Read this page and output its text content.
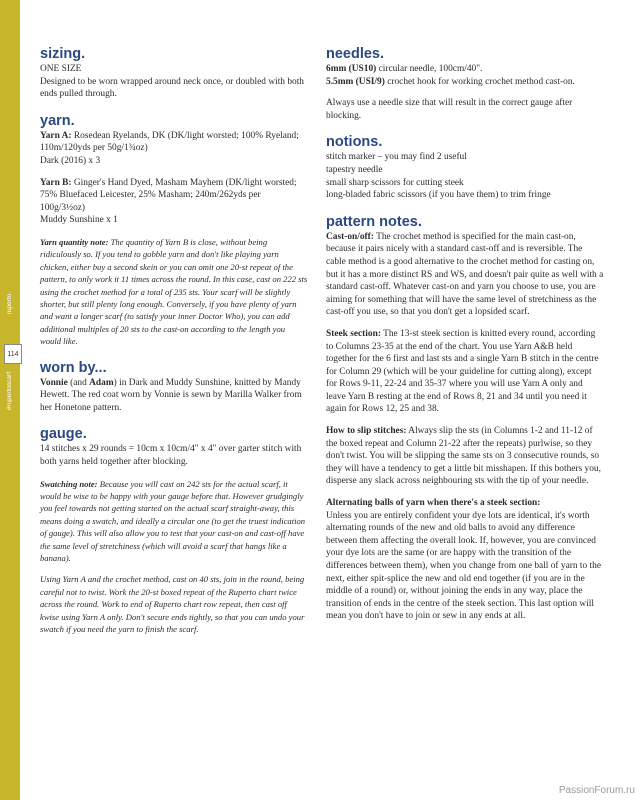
ruperto.
114
#rupertoscarf
sizing.

ONE SIZE

Designed to be worn wrapped around neck once, or doubled with both ends pulled through.

yarn.

Yarn A: Rosedean Ryelands, DK (DK/light worsted; 100% Ryeland; 110m/120yds per 50g/1¾oz)

Dark (2016) x 3

Yarn B: Ginger's Hand Dyed, Masham Mayhem (DK/light worsted; 75% Bluefaced Leicester, 25% Masham; 240m/262yds per 100g/3½oz)

Muddy Sunshine x 1

Yarn quantity note: The quantity of Yarn B is close, without being ridiculously so. If you tend to gobble yarn and don't like playing yarn chicken, either buy a second skein or you can omit one 20-st repeat of the pattern, to only work it 11 times across the round. In this case, cast on 222 sts using the crochet method for a total of 235 sts. Your scarf will be slightly shorter, but still plenty long enough. Conversely, if you have plenty of yarn and want a longer scarf (to satisfy your inner Doctor Who), you can add additional multiples of 20 sts to the cast-on according to the length you would like.

worn by...

Vonnie (and Adam) in Dark and Muddy Sunshine, knitted by Mandy Hewett. The red coat worn by Vonnie is sewn by Marilla Walker from her Honetone pattern.

gauge.

14 stitches x 29 rounds = 10cm x 10cm/4" x 4" over garter stitch with both yarns held together after blocking.

Swatching note: Because you will cast on 242 sts for the actual scarf, it would be wise to be happy with your gauge before that. However grudgingly you feel towards not getting started on the actual scarf straight-away, this means doing a swatch, and ideally a circular one (to get the truest indication of gauge). This will also allow you to test that your cast-on and cast-off have the same level of stretchiness (which will avoid a scarf that hangs like a banana).

Using Yarn A and the crochet method, cast on 40 sts, join in the round, being careful not to twist. Work the 20-st boxed repeat of the Ruperto chart twice across the round. Work to end of Ruperto chart row repeat, then cast off kwise using Yarn A only. Don't secure ends tightly, so that you can undo your swatch if you need the yarn to finish the scarf.

needles.

6mm (US10) circular needle, 100cm/40".

5.5mm (USI/9) crochet hook for working crochet method cast-on.

Always use a needle size that will result in the correct gauge after blocking.

notions.

stitch marker – you may find 2 useful

tapestry needle

small sharp scissors for cutting steek

long-bladed fabric scissors (if you have them) to trim fringe

pattern notes.

Cast-on/off: The crochet method is specified for the main cast-on, because it pairs nicely with a standard cast-off and is reversible. The cable method is a good alternative to the crochet method for casting on, but it has a more distinct RS and WS, and doesn't pair quite as well with a standard cast-off. Whatever cast-on and yarn you choose to use, you are aiming for something that will have the same level of stretchiness as the cast-off you use, so that you don't get a lopsided scarf.

Steek section: The 13-st steek section is knitted every round, according to Columns 23-35 at the end of the chart. You use Yarn A&B held together for the 6 first and last sts and a single Yarn B stitch in the centre for Column 29 (which will be your guideline for cutting along), except for Rows 9-11, 22-24 and 35-37 where you will use Yarn A only and leave Yarn B resting at the end of Rows 8, 21 and 34 until you need it again for Rows 12, 25 and 38.

How to slip stitches: Always slip the sts (in Columns 1-2 and 11-12 of the boxed repeat and Column 21-22 after the repeats) purlwise, so they don't twist. You will be slipping the same sts on 3 consecutive rounds, so they will have a tendency to get a little bit misshapen. If this bothers you, disperse any slack across neighbouring sts with the tip of your needle.

Alternating balls of yarn when there's a steek section:

Unless you are entirely confident your dye lots are identical, it's worth alternating rounds of the new and old balls to avoid any difference between them affecting the overall look. If, however, you are convinced your dye lots are the same (or are happy with the transition of the differences between them), when you change from one ball of yarn to the next, either spit-splice the new and old end together (if you are in the middle of a round) or, without joining the ends in any way, place the transition of ends in the centre of the steek section. This last option will mean you don't have to join or sew in any ends at all.

PassionForum.ru
